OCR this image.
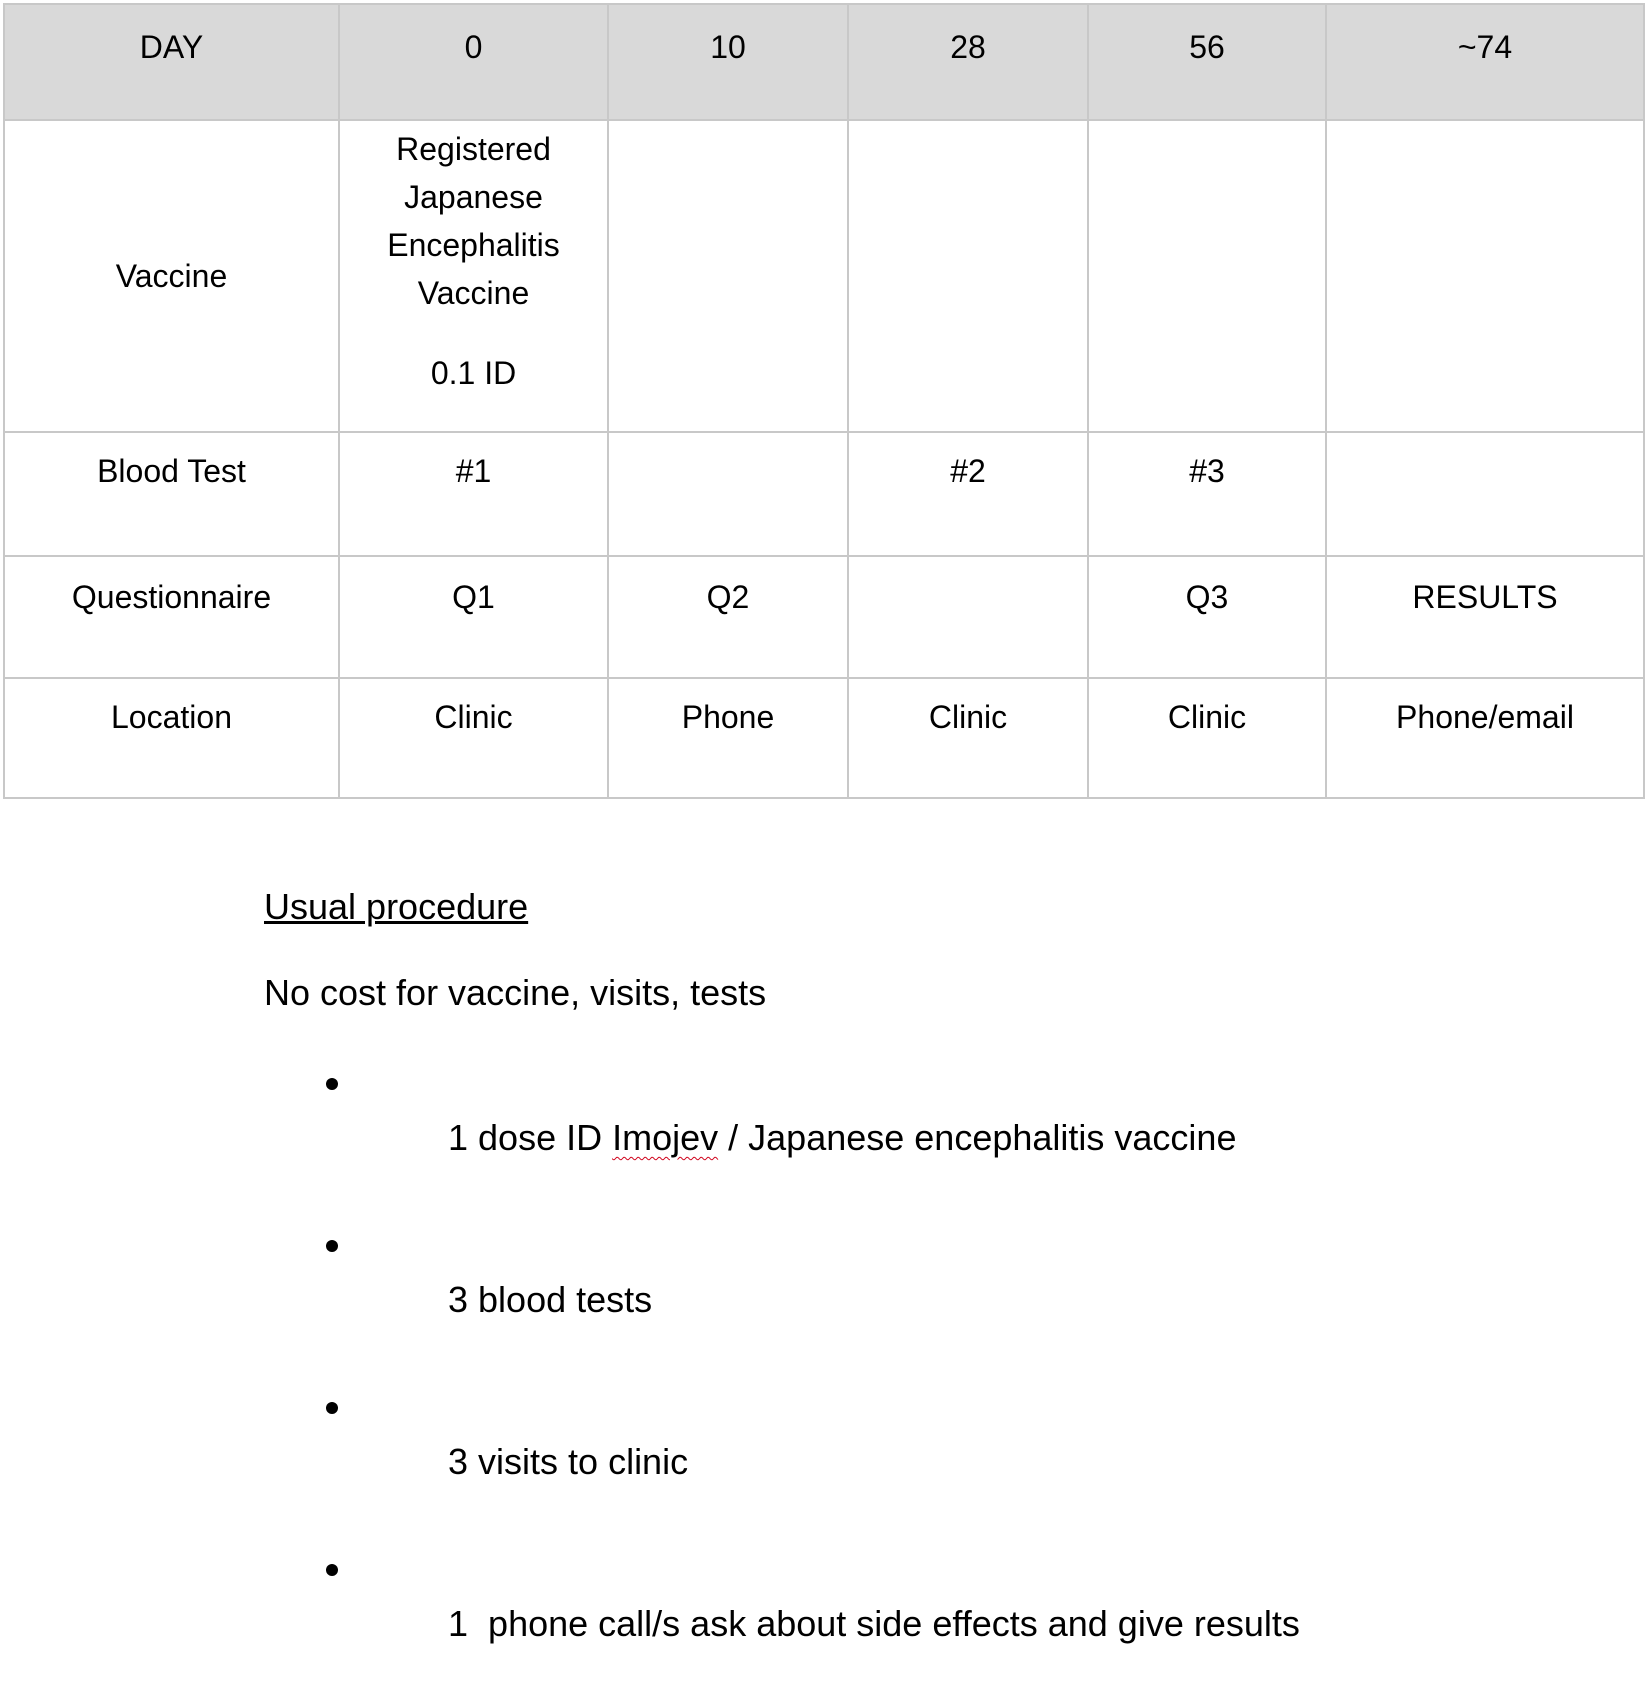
DAY	0	10	28	56	~74
Vaccine	Registered
Japanese
Encephalitis
Vaccine
0.1 ID				

Blood Test	#1		#2	#3	
Questionnaire	Q1	Q2		Q3	RESULTS
Location	Clinic	Phone	Clinic	Clinic	Phone/email

Usual procedure

No cost for vaccine, visits, tests

1 dose ID Imojev / Japanese encephalitis vaccine

3 blood tests

3 visits to clinic

1  phone call/s ask about side effects and give results
